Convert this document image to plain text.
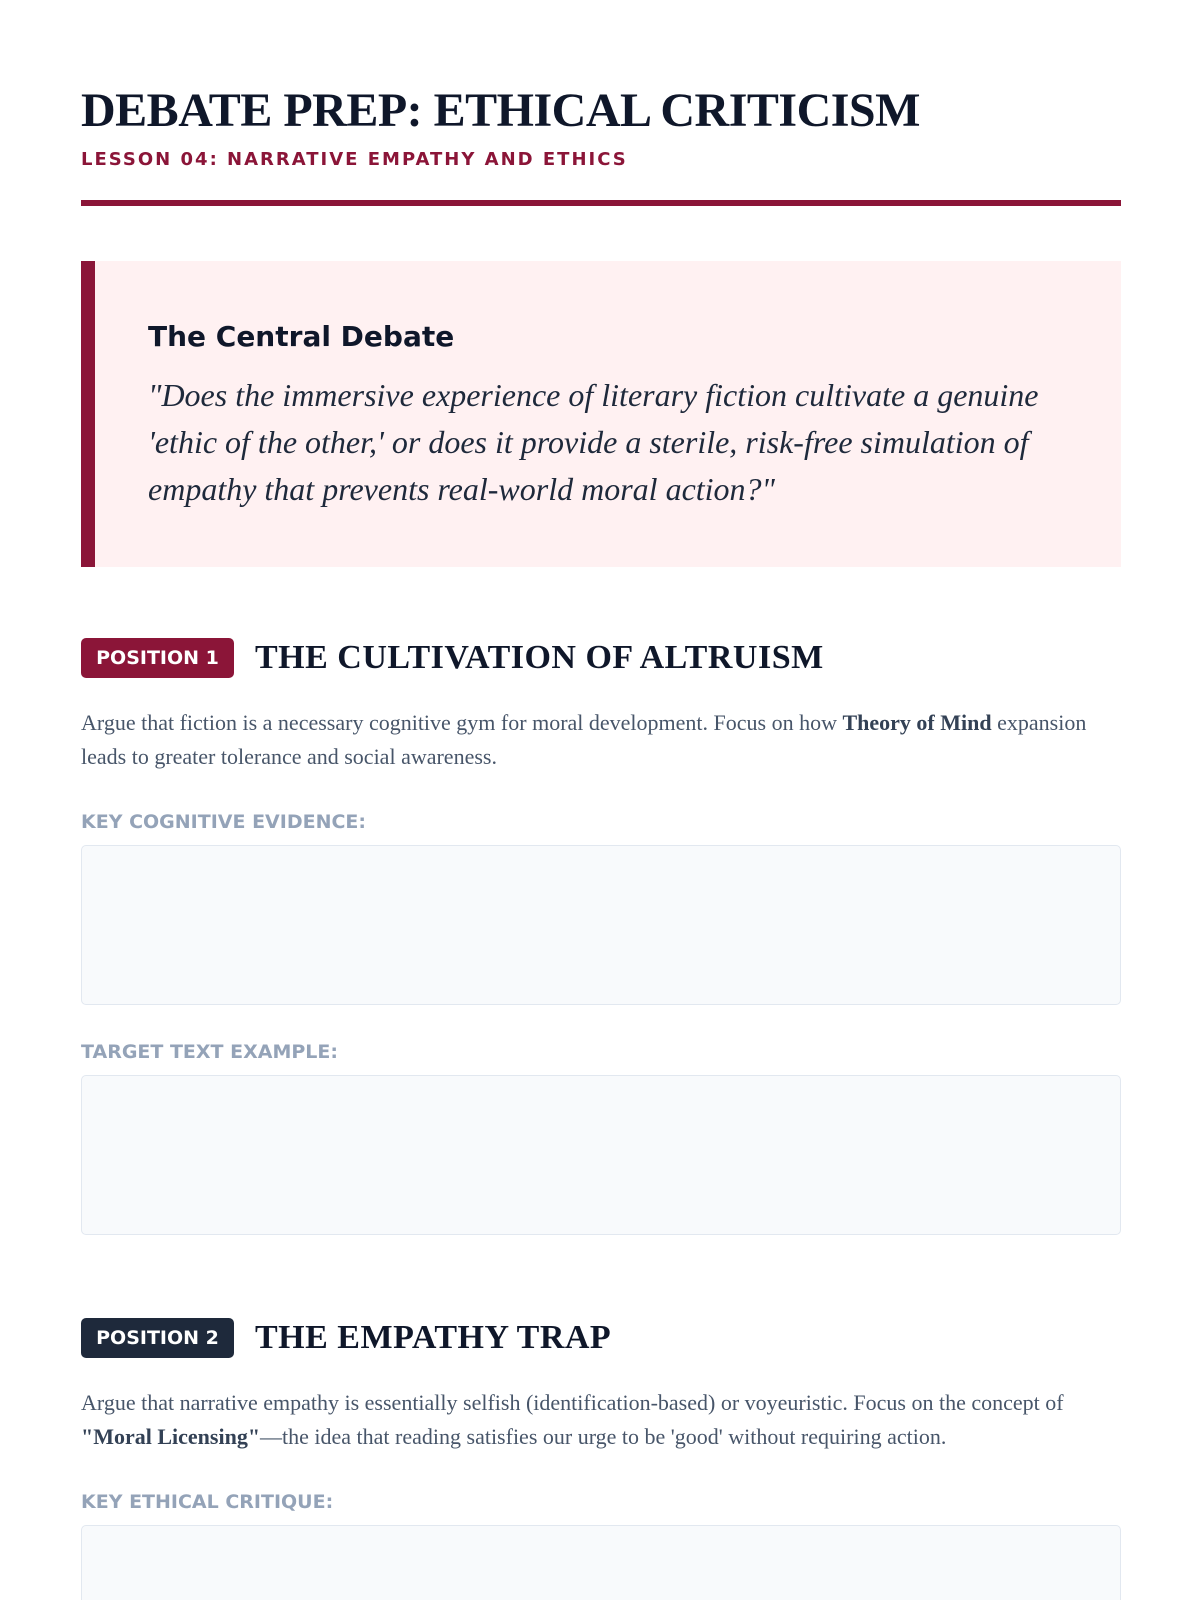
DEBATE PREP: ETHICAL CRITICISM
LESSON 04: NARRATIVE EMPATHY AND ETHICS
The Central Debate
"Does the immersive experience of literary fiction cultivate a genuine 'ethic of the other,' or does it provide a sterile, risk-free simulation of empathy that prevents real-world moral action?"
POSITION 1	THE CULTIVATION OF ALTRUISM
Argue that fiction is a necessary cognitive gym for moral development. Focus on how Theory of Mind expansion leads to greater tolerance and social awareness.
KEY COGNITIVE EVIDENCE:
TARGET TEXT EXAMPLE:
POSITION 2	THE EMPATHY TRAP
Argue that narrative empathy is essentially selfish (identification-based) or voyeuristic. Focus on the concept of "Moral Licensing"—the idea that reading satisfies our urge to be 'good' without requiring action.
KEY ETHICAL CRITIQUE:
